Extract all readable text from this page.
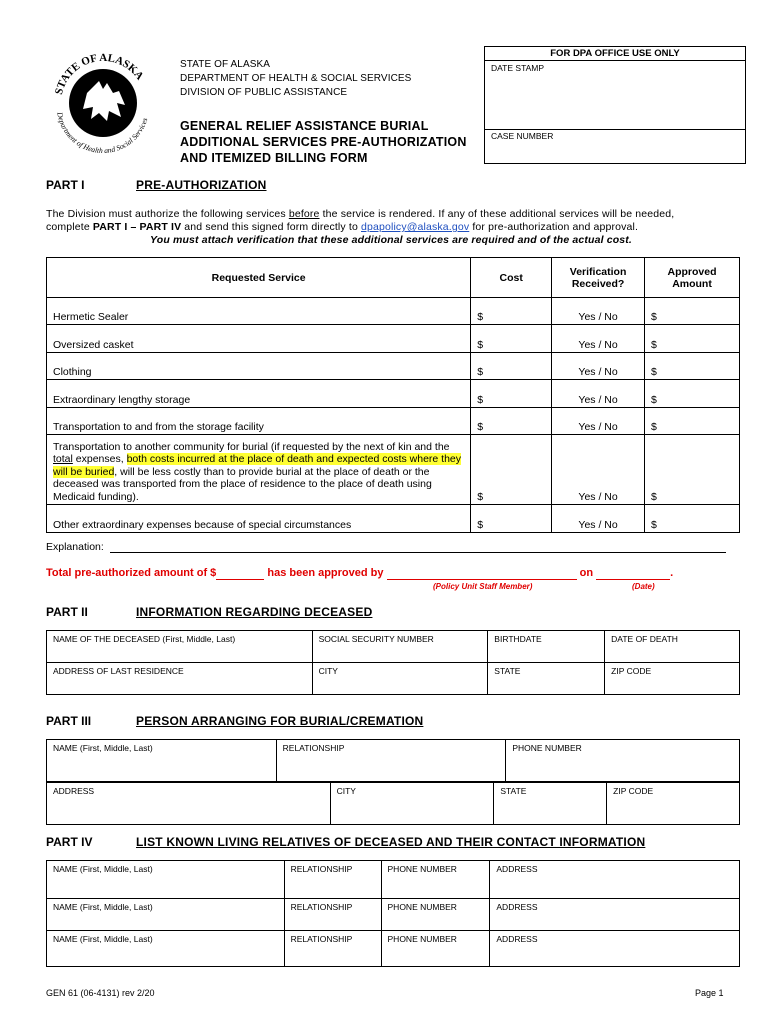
STATE OF ALASKA
Department of Health and Social Services
STATE OF ALASKA
DEPARTMENT OF HEALTH & SOCIAL SERVICES
DIVISION OF PUBLIC ASSISTANCE
GENERAL RELIEF ASSISTANCE BURIAL
ADDITIONAL SERVICES PRE-AUTHORIZATION
AND ITEMIZED BILLING FORM
FOR DPA OFFICE USE ONLY
DATE STAMP
CASE NUMBER
PART I	PRE-AUTHORIZATION
The Division must authorize the following services before the service is rendered. If any of these additional services will be needed,
complete PART I – PART IV and send this signed form directly to dpapolicy@alaska.gov for pre-authorization and approval.
You must attach verification that these additional services are required and of the actual cost.
Requested Service	Cost	Verification Received?	Approved Amount
Hermetic Sealer	$	Yes / No	$
Oversized casket	$	Yes / No	$
Clothing	$	Yes / No	$
Extraordinary lengthy storage	$	Yes / No	$
Transportation to and from the storage facility	$	Yes / No	$
Transportation to another community for burial (if requested by the next of kin and the total expenses, both costs incurred at the place of death and expected costs where they will be buried, will be less costly than to provide burial at the place of death or the deceased was transported from the place of residence to the place of death using Medicaid funding).	$	Yes / No	$
Other extraordinary expenses because of special circumstances	$	Yes / No	$
Explanation:
Total pre-authorized amount of $	has been approved by	on	.
(Policy Unit Staff Member)	(Date)
PART II	INFORMATION REGARDING DECEASED
NAME OF THE DECEASED (First, Middle, Last)	SOCIAL SECURITY NUMBER	BIRTHDATE	DATE OF DEATH
ADDRESS OF LAST RESIDENCE	CITY	STATE	ZIP CODE
PART III	PERSON ARRANGING FOR BURIAL/CREMATION
NAME (First, Middle, Last)	RELATIONSHIP	PHONE NUMBER
ADDRESS	CITY	STATE	ZIP CODE
PART IV	LIST KNOWN LIVING RELATIVES OF DECEASED AND THEIR CONTACT INFORMATION
NAME (First, Middle, Last)	RELATIONSHIP	PHONE NUMBER	ADDRESS
NAME (First, Middle, Last)	RELATIONSHIP	PHONE NUMBER	ADDRESS
NAME (First, Middle, Last)	RELATIONSHIP	PHONE NUMBER	ADDRESS
GEN 61 (06-4131) rev 2/20	Page 1
